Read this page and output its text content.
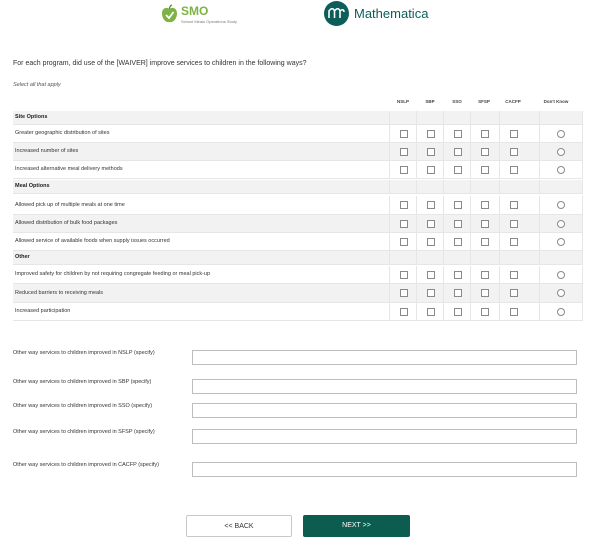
SMO
School Meals Operations Study
Mathematica
For each program, did use of the [WAIVER] improve services to children in the following ways?
Select all that apply
NSLP	SBP	SSO	SFSP	CACFP	Don't Know
Site Options
Greater geographic distribution of sites
Increased number of sites
Increased alternative meal delivery methods
Meal Options
Allowed pick up of multiple meals at one time
Allowed distribution of bulk food packages
Allowed service of available foods when supply issues occurred
Other
Improved safety for children by not requiring congregate feeding or meal pick-up
Reduced barriers to receiving meals
Increased participation
Other way services to children improved in NSLP (specify)
Other way services to children improved in SBP (specify)
Other way services to children improved in SSO (specify)
Other way services to children improved in SFSP (specify)
Other way services to children improved in CACFP (specify)
<< BACK	NEXT >>
